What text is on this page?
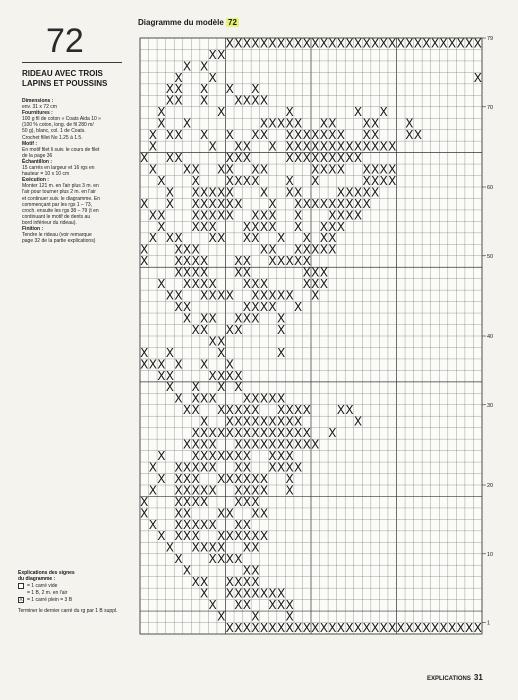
72
RIDEAU AVEC TROIS
LAPINS ET POUSSINS
Dimensions :
env. 31 x 72 cm
Fournitures :
100 g fil de coton « Coats Aida 10 »
(100 % coton, long. de fil 280 m/
50 g), blanc, col. 1 de Coats.
Crochet fillet No 1.25 à 1.5.
Motif :
En motif filet li suiv. le cours de filet
de la page 36
Échantillon :
15 carrés en largeur et 16 rgs en
hauteur = 10 x 10 cm
Exécution :
Monter 121 m. en l'air plus 3 m. en
l'air pour tourner plus 2 m. en l'air
et continuer suiv. le diagramme. En
commençant par les rgs 1 – 73,
croch. ensuite les rgs 38 – 79 (t en
continuant le motif de dents au
bord inférieur du rideau).
Finition :
Tendre le rideau (voir remarque
page 32 de la partie explications)
Explications des signes
du diagramme :
= 1 carré vide
= 1 B, 2 m. en l'air
X = 1 carré plein = 3 B
Terminer le dernier carré du rg par 1 B suppl.
Diagramme du modèle 72
X X X X X X X X X X X X X X X X X X X X X X X X X X X X X X
X X
X X
X X	X
X X X X X
X X X X X X X
X	X	X	X X
X X	X X X X X X X X X X
X X X X X X X X X X X X X X X X X X
X	X X X X X X X X X X X X X X X X X
X X X	X X X	X X X X X X X X X
X X X X X X X	X X X X X X X X
X X X X X X X X	X X X X
X X X X X X X X X	X X X X X
X X X X X X X X X X X X X X X X X X
X X X X X X X X X X X X X X X
X X X X X X X X X X X X
X X X X X X X X X X X
X X X X	X X X X X X X
X X X X X X X X X X X X
X X X X X X	X X X
X X X X X X X X	X X X
X X X X X X X X X X X X
X X	X X X X X
X X X X X X X
X X X X	X
X X
X X	X	X
X X X X X X
X X	X X X X
X X X X
X X X X X X X X X
X X X X X X X X X X X X X
X X X X X X X X X X	X
X X X X X X X X X X X X X X X
X X X X X X X X X X X X X X
X X X X X X X X X X X
X X X X X X X X X X X X
X X X X X X X X X X X
X X X X X X X X X X X
X X X X X X X X
X X X X X X X
X X X X X X X X
X X X X X X X X X X
X X X X X X X
X X X X X
X	X X
X X X X X X
X X X X X X X X
X X X X X X
X X X
X X X X X X X X X X X X X X X X X X X X X X X X X X X X X X
79
70
60
50
40
30
20
10
1
EXPLICATIONS 31
